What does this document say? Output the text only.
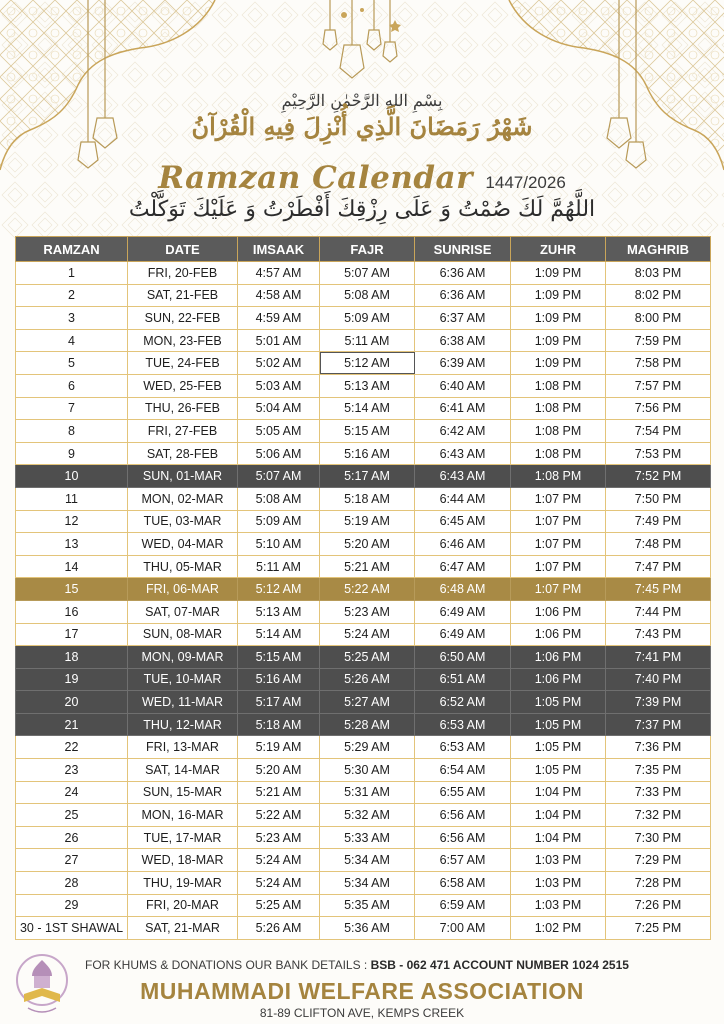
بِسْمِ اللهِ الرَّحْمٰنِ الرَّحِيْمِ
شَهْرُ رَمَضَانَ الَّذِي أُنْزِلَ فِيهِ الْقُرْآنُ
Ramzan Calendar 1447/2026
اللَّهُمَّ لَكَ صُمْتُ وَ عَلَى رِزْقِكَ أَفْطَرْتُ وَ عَلَيْكَ تَوَكَّلْتُ
RAMZAN	DATE	IMSAAK	FAJR	SUNRISE	ZUHR	MAGHRIB
1	FRI, 20-FEB	4:57 AM	5:07 AM	6:36 AM	1:09 PM	8:03 PM
2	SAT, 21-FEB	4:58 AM	5:08 AM	6:36 AM	1:09 PM	8:02 PM
3	SUN, 22-FEB	4:59 AM	5:09 AM	6:37 AM	1:09 PM	8:00 PM
4	MON, 23-FEB	5:01 AM	5:11 AM	6:38 AM	1:09 PM	7:59 PM
5	TUE, 24-FEB	5:02 AM	5:12 AM	6:39 AM	1:09 PM	7:58 PM
6	WED, 25-FEB	5:03 AM	5:13 AM	6:40 AM	1:08 PM	7:57 PM
7	THU, 26-FEB	5:04 AM	5:14 AM	6:41 AM	1:08 PM	7:56 PM
8	FRI, 27-FEB	5:05 AM	5:15 AM	6:42 AM	1:08 PM	7:54 PM
9	SAT, 28-FEB	5:06 AM	5:16 AM	6:43 AM	1:08 PM	7:53 PM
10	SUN, 01-MAR	5:07 AM	5:17 AM	6:43 AM	1:08 PM	7:52 PM
11	MON, 02-MAR	5:08 AM	5:18 AM	6:44 AM	1:07 PM	7:50 PM
12	TUE, 03-MAR	5:09 AM	5:19 AM	6:45 AM	1:07 PM	7:49 PM
13	WED, 04-MAR	5:10 AM	5:20 AM	6:46 AM	1:07 PM	7:48 PM
14	THU, 05-MAR	5:11 AM	5:21 AM	6:47 AM	1:07 PM	7:47 PM
15	FRI, 06-MAR	5:12 AM	5:22 AM	6:48 AM	1:07 PM	7:45 PM
16	SAT, 07-MAR	5:13 AM	5:23 AM	6:49 AM	1:06 PM	7:44 PM
17	SUN, 08-MAR	5:14 AM	5:24 AM	6:49 AM	1:06 PM	7:43 PM
18	MON, 09-MAR	5:15 AM	5:25 AM	6:50 AM	1:06 PM	7:41 PM
19	TUE, 10-MAR	5:16 AM	5:26 AM	6:51 AM	1:06 PM	7:40 PM
20	WED, 11-MAR	5:17 AM	5:27 AM	6:52 AM	1:05 PM	7:39 PM
21	THU, 12-MAR	5:18 AM	5:28 AM	6:53 AM	1:05 PM	7:37 PM
22	FRI, 13-MAR	5:19 AM	5:29 AM	6:53 AM	1:05 PM	7:36 PM
23	SAT, 14-MAR	5:20 AM	5:30 AM	6:54 AM	1:05 PM	7:35 PM
24	SUN, 15-MAR	5:21 AM	5:31 AM	6:55 AM	1:04 PM	7:33 PM
25	MON, 16-MAR	5:22 AM	5:32 AM	6:56 AM	1:04 PM	7:32 PM
26	TUE, 17-MAR	5:23 AM	5:33 AM	6:56 AM	1:04 PM	7:30 PM
27	WED, 18-MAR	5:24 AM	5:34 AM	6:57 AM	1:03 PM	7:29 PM
28	THU, 19-MAR	5:24 AM	5:34 AM	6:58 AM	1:03 PM	7:28 PM
29	FRI, 20-MAR	5:25 AM	5:35 AM	6:59 AM	1:03 PM	7:26 PM
30 - 1ST SHAWAL	SAT, 21-MAR	5:26 AM	5:36 AM	7:00 AM	1:02 PM	7:25 PM
FOR KHUMS & DONATIONS OUR BANK DETAILS : BSB - 062 471 ACCOUNT NUMBER 1024 2515
MUHAMMADI WELFARE ASSOCIATION
81-89 CLIFTON AVE, KEMPS CREEK
